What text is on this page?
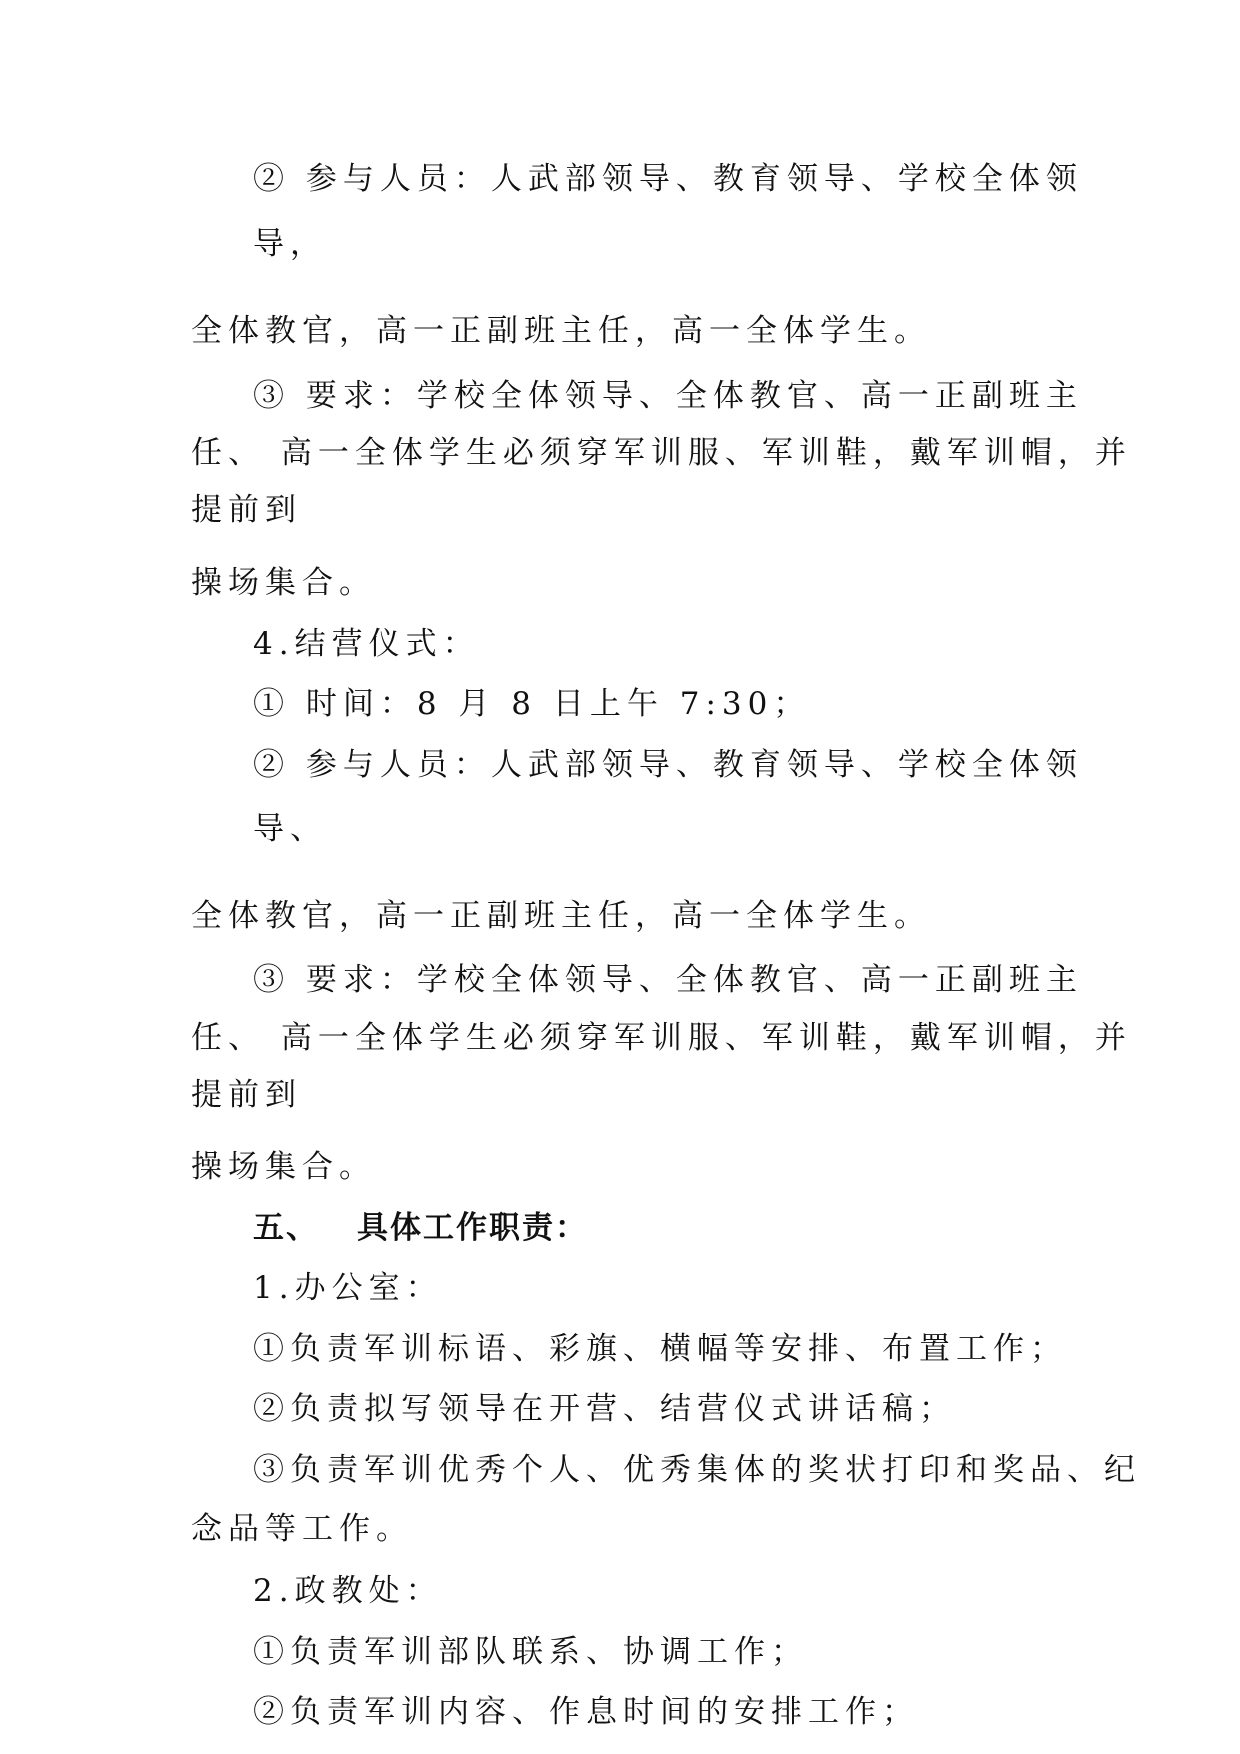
② 参与人员：人武部领导、教育领导、学校全体领
导，
全体教官，高一正副班主任，高一全体学生。
③ 要求：学校全体领导、全体教官、高一正副班主
任、 高一全体学生必须穿军训服、军训鞋，戴军训帽，并
提前到
操场集合。
4.结营仪式：
① 时间：8 月 8 日上午 7:30；
② 参与人员：人武部领导、教育领导、学校全体领
导、
全体教官，高一正副班主任，高一全体学生。
③ 要求：学校全体领导、全体教官、高一正副班主
任、 高一全体学生必须穿军训服、军训鞋，戴军训帽，并
提前到
操场集合。
五、 具体工作职责：
1.办公室：
①负责军训标语、彩旗、横幅等安排、布置工作；
②负责拟写领导在开营、结营仪式讲话稿；
③负责军训优秀个人、优秀集体的奖状打印和奖品、纪
念品等工作。
2.政教处：
①负责军训部队联系、协调工作；
②负责军训内容、作息时间的安排工作；
